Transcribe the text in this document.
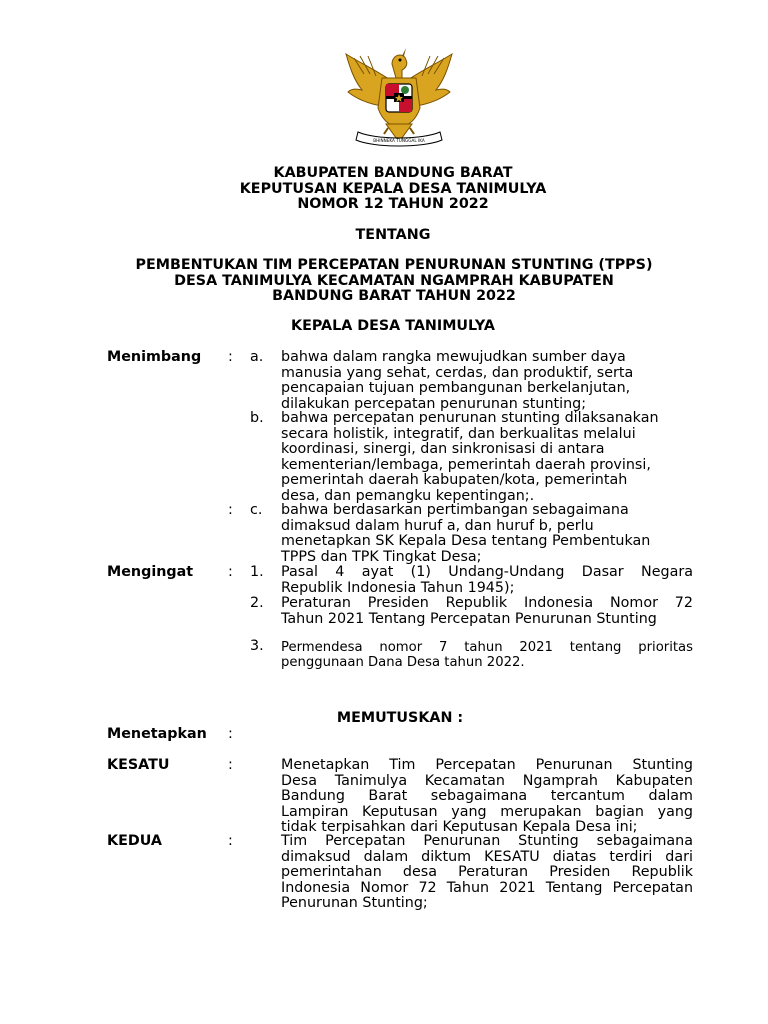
BHINNEKA TUNGGAL IKA
KABUPATEN BANDUNG BARAT
KEPUTUSAN KEPALA DESA TANIMULYA
NOMOR 12 TAHUN 2022
TENTANG
PEMBENTUKAN TIM PERCEPATAN PENURUNAN STUNTING (TPPS)
DESA TANIMULYA KECAMATAN NGAMPRAH KABUPATEN
BANDUNG BARAT TAHUN 2022
KEPALA DESA TANIMULYA
Menimbang : a. bahwa dalam rangka mewujudkan sumber daya
manusia yang sehat, cerdas, dan produktif, serta
pencapaian tujuan pembangunan berkelanjutan,
dilakukan percepatan penurunan stunting;
b. bahwa percepatan penurunan stunting dilaksanakan
secara holistik, integratif, dan berkualitas melalui
koordinasi, sinergi, dan sinkronisasi di antara
kementerian/lembaga, pemerintah daerah provinsi,
pemerintah daerah kabupaten/kota, pemerintah
desa, dan pemangku kepentingan;.
: c. bahwa berdasarkan pertimbangan sebagaimana
dimaksud dalam huruf a, dan huruf b, perlu
menetapkan SK Kepala Desa tentang Pembentukan
TPPS dan TPK Tingkat Desa;
Mengingat : 1. Pasal 4 ayat (1) Undang-Undang Dasar Negara
Republik Indonesia Tahun 1945);
2. Peraturan Presiden Republik Indonesia Nomor 72
Tahun 2021 Tentang Percepatan Penurunan Stunting
3. Permendesa nomor 7 tahun 2021 tentang prioritas
penggunaan Dana Desa tahun 2022.
MEMUTUSKAN :
Menetapkan :
KESATU	:	Menetapkan Tim Percepatan Penurunan Stunting
Desa Tanimulya Kecamatan Ngamprah Kabupaten
Bandung Barat sebagaimana tercantum dalam
Lampiran Keputusan yang merupakan bagian yang
tidak terpisahkan dari Keputusan Kepala Desa ini;
KEDUA	:	Tim Percepatan Penurunan Stunting sebagaimana
dimaksud dalam diktum KESATU diatas terdiri dari
pemerintahan desa Peraturan Presiden Republik
Indonesia Nomor 72 Tahun 2021 Tentang Percepatan
Penurunan Stunting;
